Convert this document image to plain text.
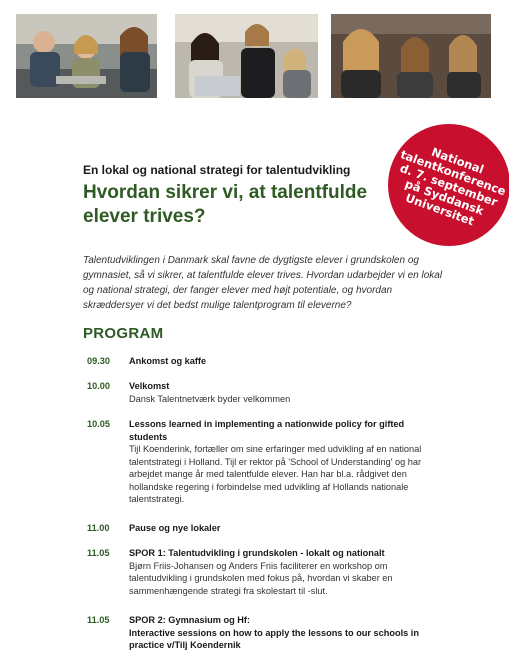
National
talentkonference
d. 7. september
på Syddansk
Universitet
En lokal og national strategi for talentudvikling
Hvordan sikrer vi, at talentfulde elever trives?
Talentudviklingen i Danmark skal favne de dygtigste elever i grundskolen og gymnasiet, så vi sikrer, at talentfulde elever trives. Hvordan udarbejder vi en lokal og national strategi, der fanger elever med højt potentiale, og hvordan skræddersyer vi det bedst mulige talentprogram til eleverne?
PROGRAM
09.30 Ankomst og kaffe
10.00 Velkomst
Dansk Talentnetværk byder velkommen
10.05 Lessons learned in implementing a nationwide policy for gifted students
Tijl Koenderink, fortæller om sine erfaringer med udvikling af en national talentstrategi i Holland. Tijl er rektor på 'School of Understanding' og har arbejdet mange år med talentfulde elever. Han har bl.a. rådgivet den hollandske regering i forbindelse med udvikling af Hollands nationale talentstrategi.
11.00 Pause og nye lokaler
11.05 SPOR 1: Talentudvikling i grundskolen - lokalt og nationalt
Bjørn Friis-Johansen og Anders Friis faciliterer en workshop om talentudvikling i grundskolen med fokus på, hvordan vi skaber en sammenhængende strategi fra skolestart til -slut.
11.05 SPOR 2: Gymnasium og Hf:
Interactive sessions on how to apply the lessons to our schools in practice v/Tilj Koendernik
